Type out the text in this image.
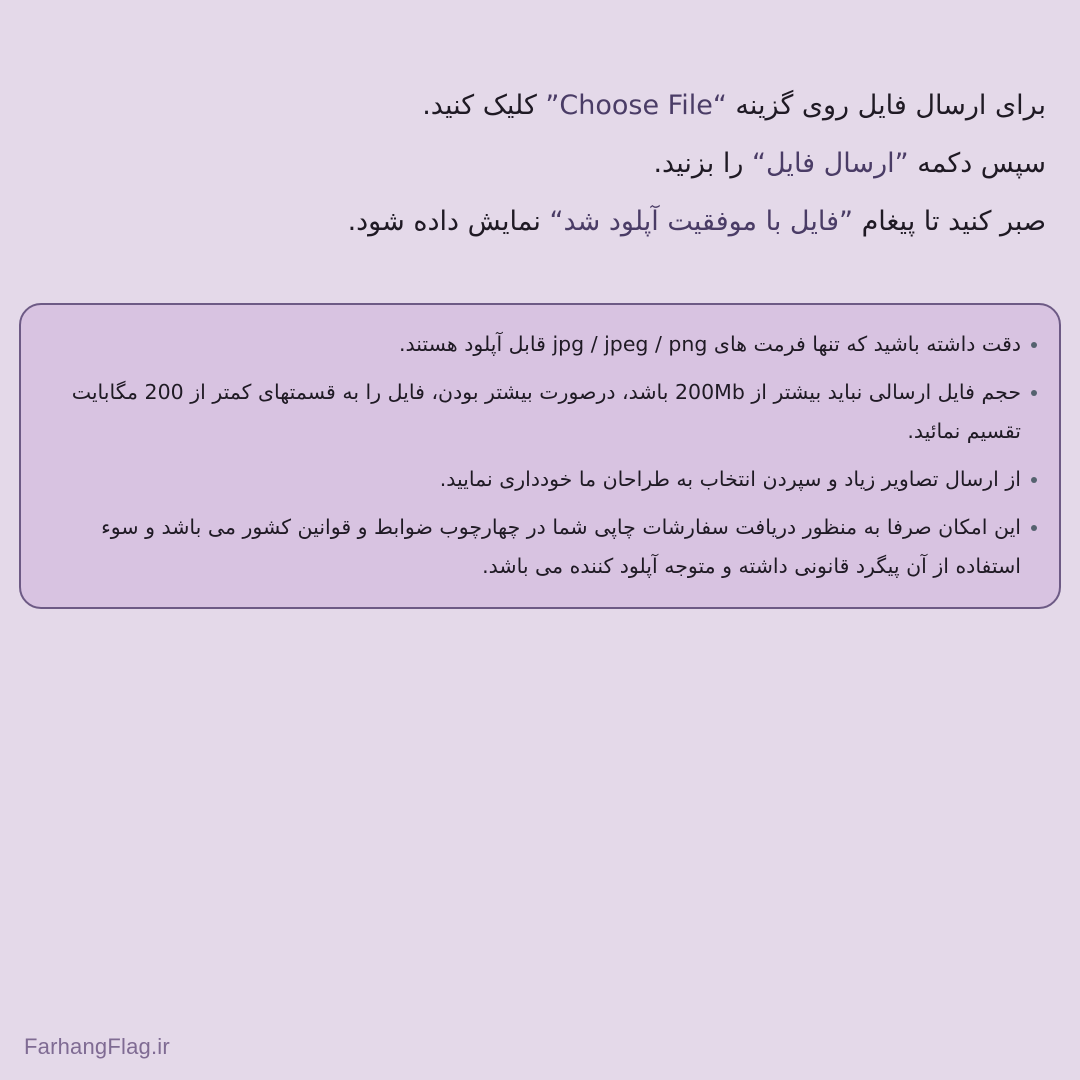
برای ارسال فایل روی گزینه ”Choose File“ کلیک کنید.

سپس دکمه ”ارسال فایل“ را بزنید.

صبر کنید تا پیغام ”فایل با موفقیت آپلود شد“ نمایش داده شود.

دقت داشته باشید که تنها فرمت های jpg / jpeg / png قابل آپلود هستند.
حجم فایل ارسالی نباید بیشتر از 200Mb باشد، درصورت بیشتر بودن، فایل را به قسمتهای کمتر از 200 مگابایت تقسیم نمائید.
از ارسال تصاویر زیاد و سپردن انتخاب به طراحان ما خودداری نمایید.
این امکان صرفا به منظور دریافت سفارشات چاپی شما در چهارچوب ضوابط و قوانین کشور می باشد و سوء استفاده از آن پیگرد قانونی داشته و متوجه آپلود کننده می باشد.
FarhangFlag.ir
